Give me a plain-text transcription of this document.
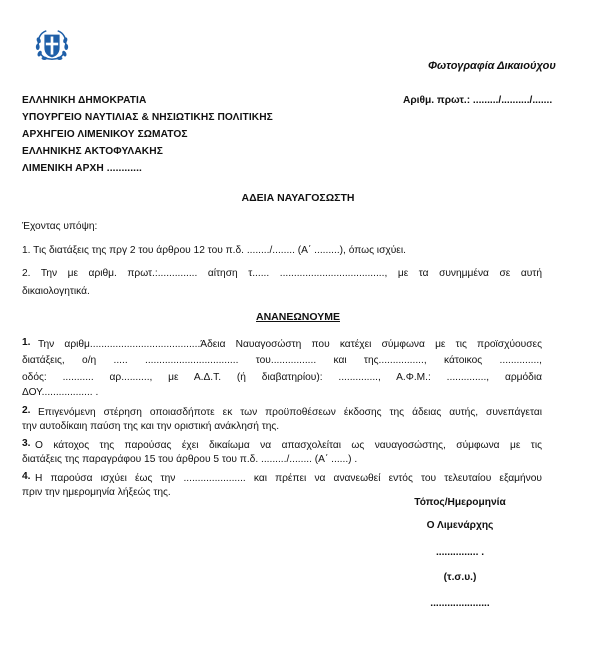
Φωτογραφία Δικαιούχου
ΕΛΛΗΝΙΚΗ ΔΗΜΟΚΡΑΤΙΑ
ΥΠΟΥΡΓΕΙΟ ΝΑΥΤΙΛΙΑΣ & ΝΗΣΙΩΤΙΚΗΣ ΠΟΛΙΤΙΚΗΣ
ΑΡΧΗΓΕΙΟ ΛΙΜΕΝΙΚΟΥ ΣΩΜΑΤΟΣ
ΕΛΛΗΝΙΚΗΣ ΑΚΤΟΦΥΛΑΚΗΣ
ΛΙΜΕΝΙΚΗ ΑΡΧΗ ............
Αριθμ. πρωτ.: ........./........../.......
ΑΔΕΙΑ ΝΑΥΑΓΟΣΩΣΤΗ
Έχοντας υπόψη:
1. Τις διατάξεις της πργ 2 του άρθρου 12 του π.δ. ......../........ (Α΄ .........), όπως ισχύει.
2. Την με αριθμ. πρωτ.:.............. αίτηση τ...... ....................................., με τα συνημμένα σε αυτή
δικαιολογητικά.
ΑΝΑΝΕΩΝΟΥΜΕ
1. Την αριθμ.......................................Άδεια Ναυαγοσώστη που κατέχει σύμφωνα με τις προϊσχύουσες
διατάξεις, ο/η ..... ................................. του................ και της................, κάτοικος ..............,
οδός: ........... αρ.........., με Α.Δ.Τ. (ή διαβατηρίου): .............., Α.Φ.Μ.: .............., αρμόδια
ΔΟΥ.................. .
2. Επιγενόμενη στέρηση οποιασδήποτε εκ των προϋποθέσεων έκδοσης της άδειας αυτής, συνεπάγεται
την αυτοδίκαιη παύση της και την οριστική ανάκλησή της.
3. Ο κάτοχος της παρούσας έχει δικαίωμα να απασχολείται ως ναυαγοσώστης, σύμφωνα με τις
διατάξεις της παραγράφου 15 του άρθρου 5 του π.δ. ........./........ (Α΄ ......) .
4. Η παρούσα ισχύει έως την ...................... και πρέπει να ανανεωθεί εντός του τελευταίου εξαμήνου
πριν την ημερομηνία λήξεώς της.
Τόπος/Ημερομηνία
Ο Λιμενάρχης
............... .
(τ.σ.υ.)
.....................
